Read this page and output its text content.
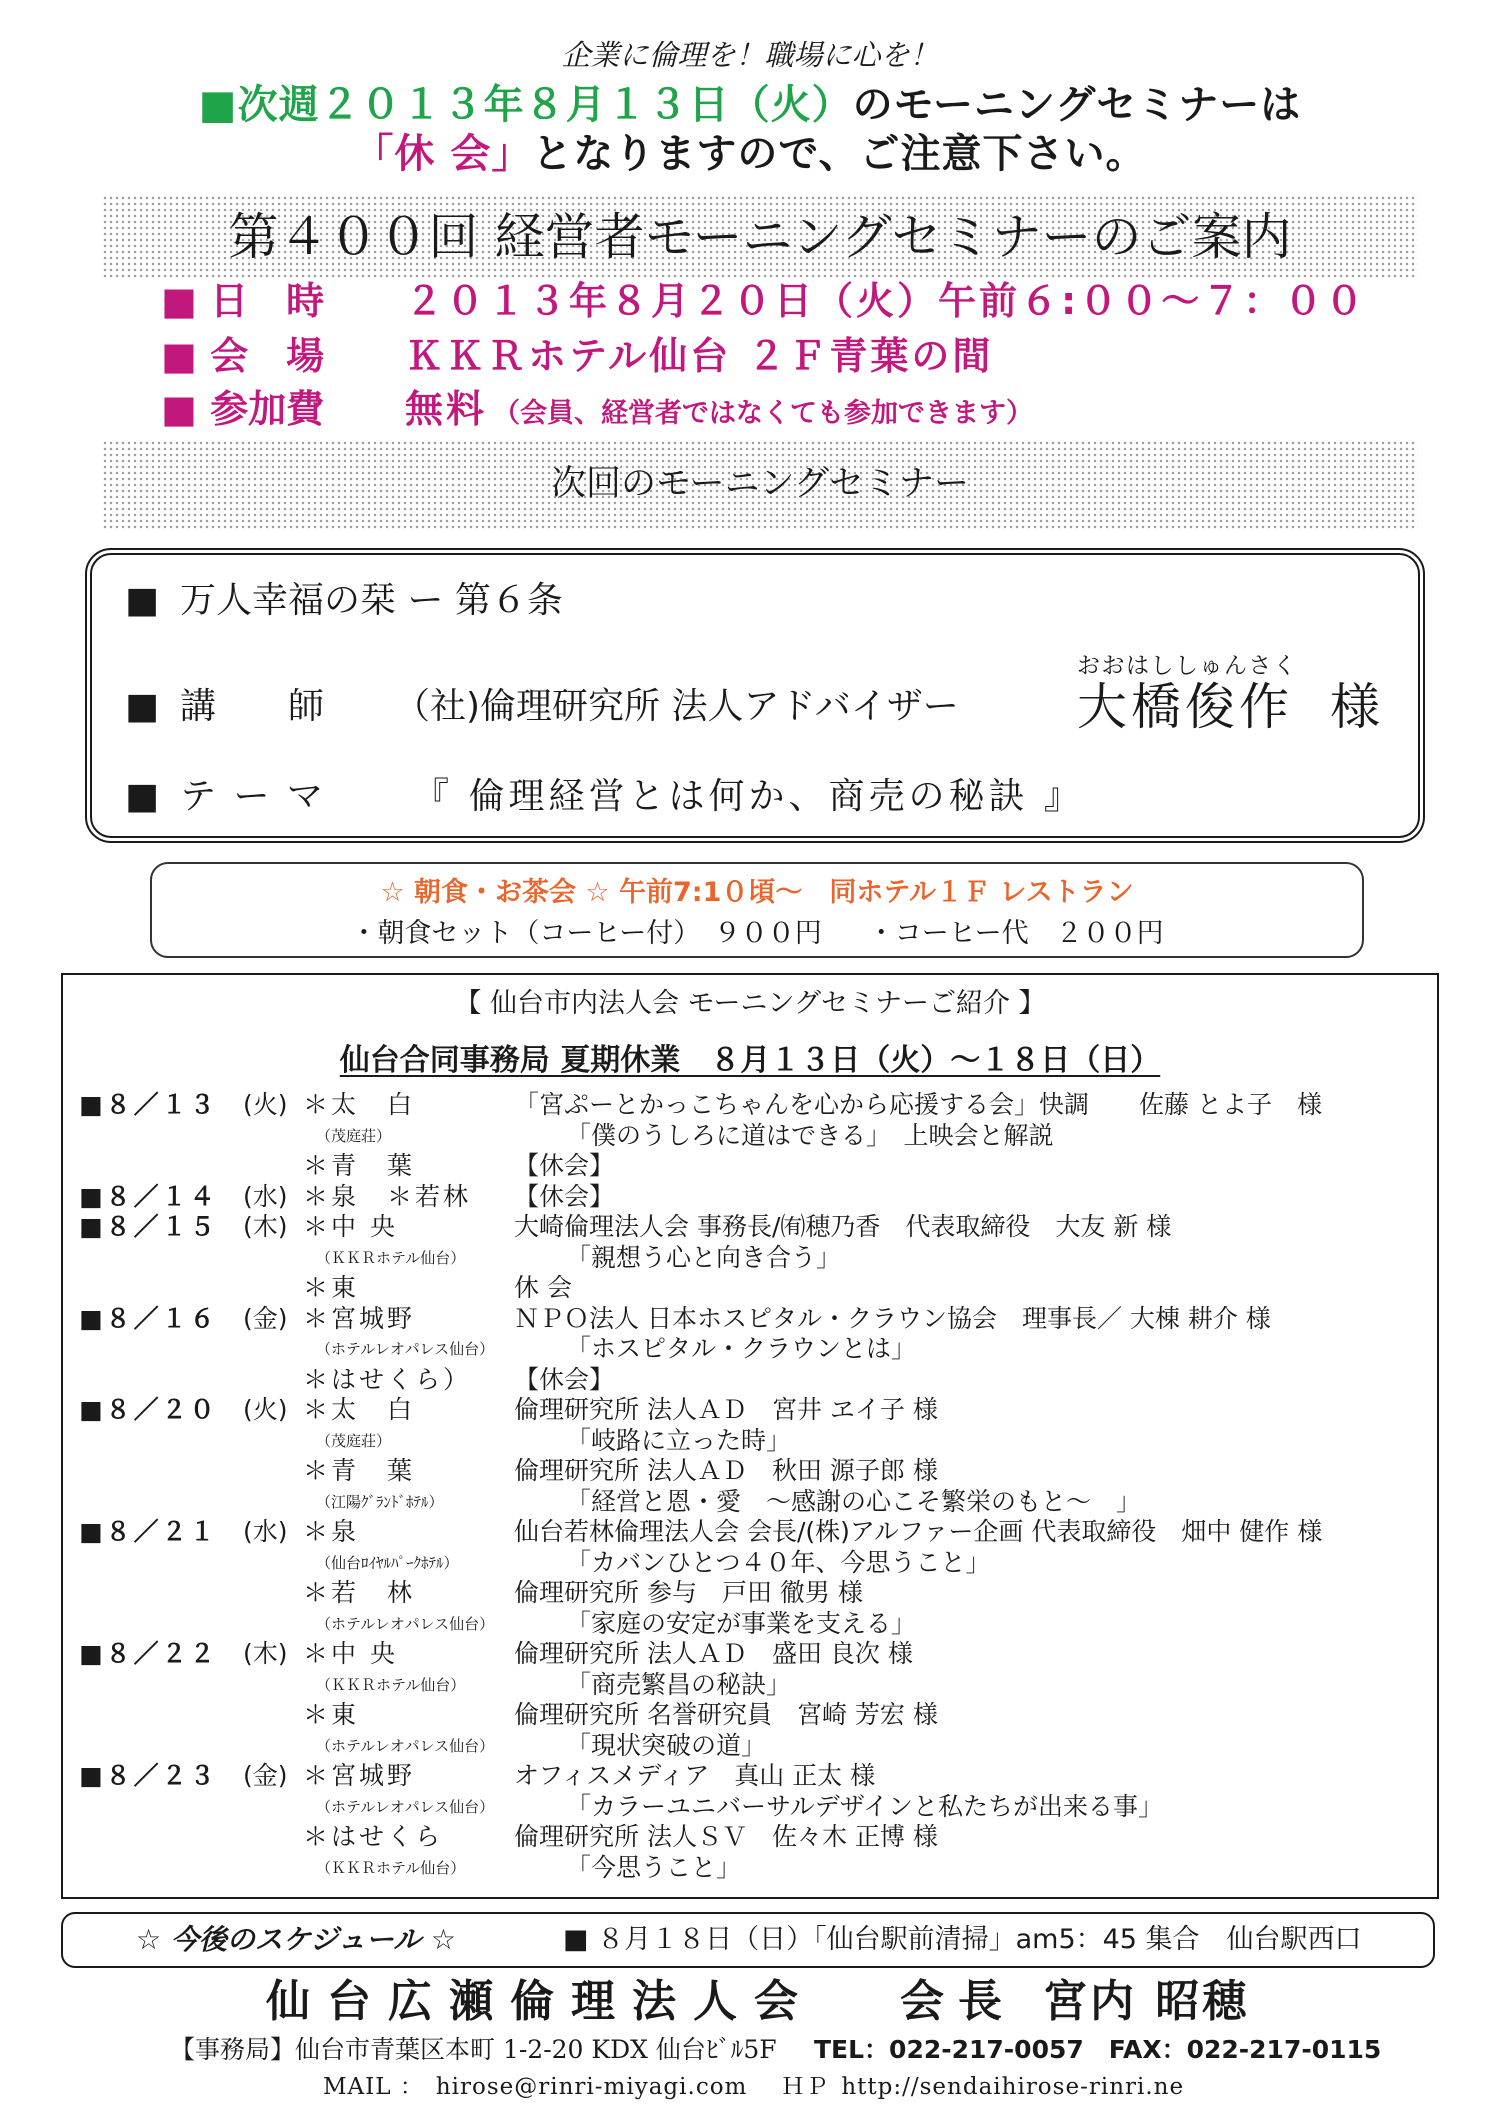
企業に倫理を！職場に心を！
■次週２０１３年８月１３日（火）のモーニングセミナーは
「休 会」となりますので、ご注意下さい。
第４００回 経営者モーニングセミナーのご案内
■ 日　時 ２０１３年８月２０日（火）午前６:００～７：００
■ 会　場 ＫＫＲホテル仙台 ２Ｆ青葉の間
■ 参加費 無料 （会員、経営者ではなくても参加できます）
次回のモーニングセミナー
■ 万人幸福の栞 ー 第６条
■ 講　　師 （社)倫理研究所 法人アドバイザー
おおはししゅんさく
大橋俊作 様
■ テ ー マ 『 倫理経営とは何か、商売の秘訣 』
☆ 朝食・お茶会 ☆ 午前7:1０頃～　同ホテル１Ｆ レストラン
・朝食セット（コーヒー付）　９００円 ・コーヒー代　２００円
【 仙台市内法人会 モーニングセミナーご紹介 】
仙台合同事務局 夏期休業　８月１３日（火）～１８日（日）
■８／１３ (火) ＊太　白	「宮ぷーとかっこちゃんを心から応援する会」快調　　佐藤 とよ子　様
（茂庭荘）	「僕のうしろに道はできる」　上映会と解説
＊青　葉	【休会】
■８／１４ (水) ＊泉　＊若林 【休会】
■８／１５ (木) ＊中 央	大崎倫理法人会 事務長/㈲穂乃香　代表取締役　大友 新 様
（ＫＫＲホテル仙台）	「親想う心と向き合う」
＊東	休 会
■８／１６ (金) ＊宮城野	ＮＰＯ法人 日本ホスピタル・クラウン協会　理事長／ 大棟 耕介 様
（ホテルレオパレス仙台）	「ホスピタル・クラウンとは」
＊はせくら） 【休会】
■８／２０ (火) ＊太　白	倫理研究所 法人ＡＤ　宮井 ヱイ子 様
（茂庭荘）	「岐路に立った時」
＊青　葉	倫理研究所 法人ＡＤ　秋田 源子郎 様
（江陽ｸﾞﾗﾝﾄﾞﾎﾃﾙ）	「経営と恩・愛　～感謝の心こそ繁栄のもと～　」
■８／２１ (水) ＊泉	仙台若林倫理法人会 会長/(株)アルファー企画 代表取締役　畑中 健作 様
（仙台ﾛｲﾔﾙﾊﾟｰｸﾎﾃﾙ）	「カバンひとつ４０年、今思うこと」
＊若　林	倫理研究所 参与　戸田 徹男 様
（ホテルレオパレス仙台）	「家庭の安定が事業を支える」
■８／２２ (木) ＊中 央	倫理研究所 法人ＡＤ　盛田 良次 様
（ＫＫＲホテル仙台）	「商売繁昌の秘訣」
＊東	倫理研究所 名誉研究員　宮崎 芳宏 様
（ホテルレオパレス仙台）	「現状突破の道」
■８／２３ (金) ＊宮城野	オフィスメディア　真山 正太 様
（ホテルレオパレス仙台）	「カラーユニバーサルデザインと私たちが出来る事」
＊はせくら	倫理研究所 法人ＳＶ　佐々木 正博 様
（ＫＫＲホテル仙台）	「今思うこと」
☆ 今後のスケジュール ☆	■ ８月１８日（日）「仙台駅前清掃」am5：45 集合　仙台駅西口
仙台広瀬倫理法人会 会長 宮内 昭穂
【事務局】仙台市青葉区本町 1-2-20 KDX 仙台ﾋﾞﾙ5F TEL：022-217-0057　FAX：022-217-0115
MAIL ： hirose@rinri-miyagi.com ＨＰ http://sendaihirose-rinri.ne
